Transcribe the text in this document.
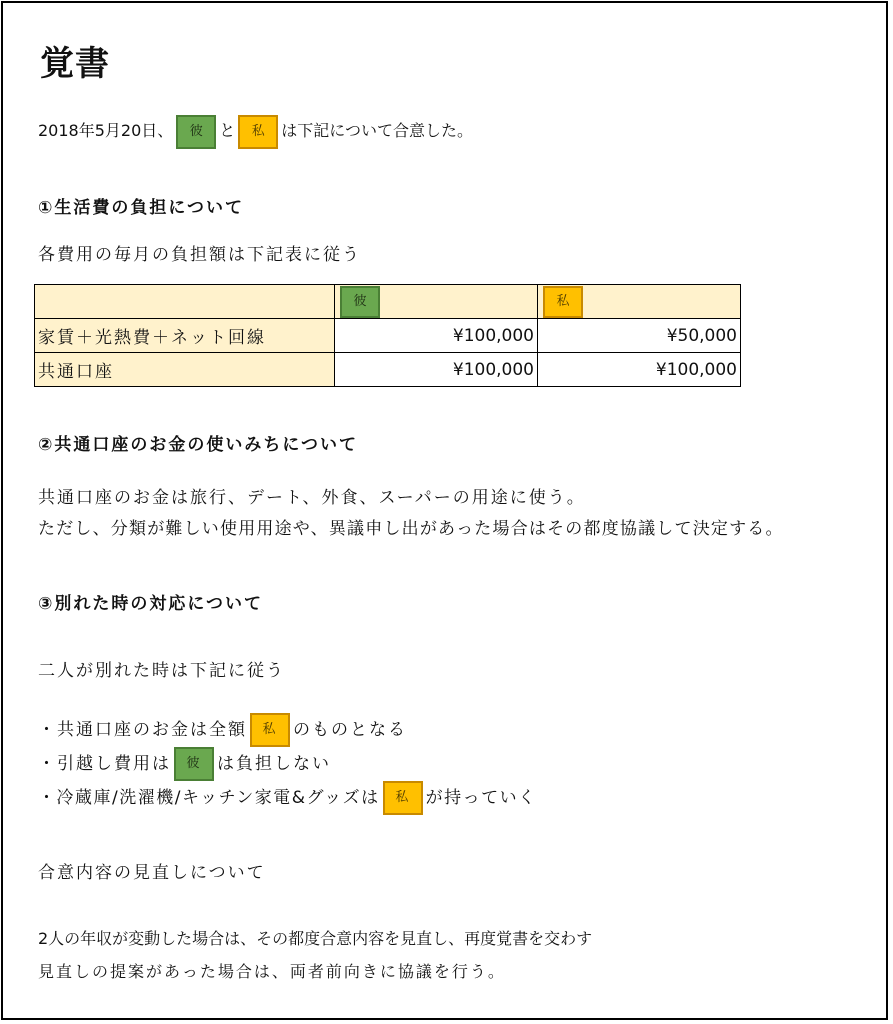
覚書
2018年5月20日、 彼 と 私 は下記について合意した。
①生活費の負担について
各費用の毎月の負担額は下記表に従う
	彼	私
家賃＋光熱費＋ネット回線	¥100,000	¥50,000
共通口座	¥100,000	¥100,000
②共通口座のお金の使いみちについて
共通口座のお金は旅行、デート、外食、スーパーの用途に使う。
ただし、分類が難しい使用用途や、異議申し出があった場合はその都度協議して決定する。
③別れた時の対応について
二人が別れた時は下記に従う
・共通口座のお金は全額 私 のものとなる
・引越し費用は 彼 は負担しない
・冷蔵庫/洗濯機/キッチン家電&グッズは 私 が持っていく
合意内容の見直しについて
2人の年収が変動した場合は、その都度合意内容を見直し、再度覚書を交わす
見直しの提案があった場合は、両者前向きに協議を行う。
